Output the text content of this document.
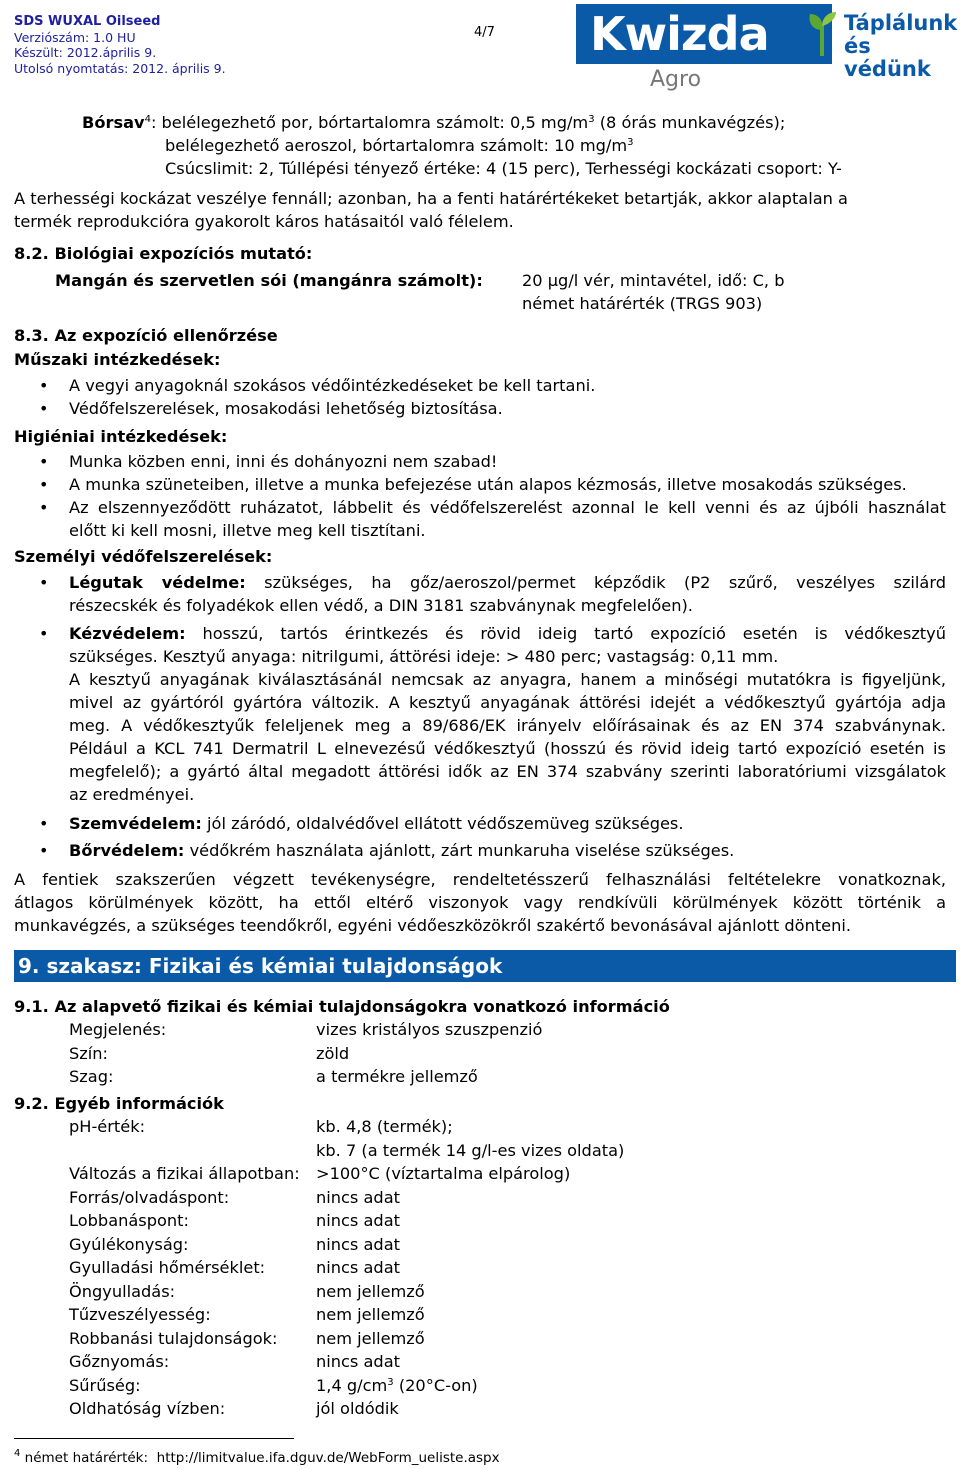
SDS WUXAL Oilseed
Verziószám: 1.0 HU
Készült: 2012.április 9.
Utolsó nyomtatás: 2012. április 9.
4/7 Kwizda
Agro
Táplálunk
és védünk
Bórsav$^4$: belélegezhető por, bórtartalomra számolt: 0,5 $mg/m^3$ (8 órás munkavégzés);
belélegezhető aeroszol, bórtartalomra számolt: 10 $mg/m^3$
Csúcslimit: 2, Túllépési tényező értéke: 4 (15 perc), Terhességi kockázati csoport: Y-
A terhességi kockázat veszélye fennáll; azonban, ha a fenti határértékeket betartják, akkor alaptalan a
termék reprodukcióra gyakorolt káros hatásaitól való félelem.
8.2. Biológiai expozíciós mutató:
Mangán és szervetlen sói (mangánra számolt): 20 µg/l vér, mintavétel, idő: C, b
német határérték (TRGS 903)
8.3. Az expozíció ellenőrzése
Műszaki intézkedések:
• A vegyi anyagoknál szokásos védőintézkedéseket be kell tartani.
• Védőfelszerelések, mosakodási lehetőség biztosítása.
Higiéniai intézkedések:
• Munka közben enni, inni és dohányozni nem szabad!
• A munka szüneteiben, illetve a munka befejezése után alapos kézmosás, illetve mosakodás szükséges.
• Az elszennyeződött ruházatot, lábbelit és védőfelszerelést azonnal le kell venni és az újbóli használat
előtt ki kell mosni, illetve meg kell tisztítani.
Személyi védőfelszerelések:
• Légutak védelme: szükséges, ha gőz/aeroszol/permet képződik (P2 szűrő, veszélyes szilárd
részecskék és folyadékok ellen védő, a DIN 3181 szabványnak megfelelően).
• Kézvédelem: hosszú, tartós érintkezés és rövid ideig tartó expozíció esetén is védőkesztyű
szükséges. Kesztyű anyaga: nitrilgumi, áttörési ideje: > 480 perc; vastagság: 0,11 mm.
A kesztyű anyagának kiválasztásánál nemcsak az anyagra, hanem a minőségi mutatókra is figyeljünk,
mivel az gyártóról gyártóra változik. A kesztyű anyagának áttörési idejét a védőkesztyű gyártója adja
meg. A védőkesztyűk feleljenek meg a 89/686/EK irányelv előírásainak és az EN 374 szabványnak.
Például a KCL 741 Dermatril L elnevezésű védőkesztyű (hosszú és rövid ideig tartó expozíció esetén is
megfelelő); a gyártó által megadott áttörési idők az EN 374 szabvány szerinti laboratóriumi vizsgálatok
az eredményei.
• Szemvédelem: jól záródó, oldalvédővel ellátott védőszemüveg szükséges.
• Bőrvédelem: védőkrém használata ajánlott, zárt munkaruha viselése szükséges.
A fentiek szakszerűen végzett tevékenységre, rendeltetésszerű felhasználási feltételekre vonatkoznak,
átlagos körülmények között, ha ettől eltérő viszonyok vagy rendkívüli körülmények között történik a
munkavégzés, a szükséges teendőkről, egyéni védőeszközökről szakértő bevonásával ajánlott dönteni.
9. szakasz: Fizikai és kémiai tulajdonságok
9.1. Az alapvető fizikai és kémiai tulajdonságokra vonatkozó információ
Megjelenés:	vizes kristályos szuszpenzió
Szín:	zöld
Szag:	a termékre jellemző
9.2. Egyéb információk
pH-érték:	kb. 4,8 (termék);
kb. 7 (a termék 14 g/l-es vizes oldata)
Változás a fizikai állapotban: >100°C (víztartalma elpárolog)
Forrás/olvadáspont:	nincs adat
Lobbanáspont:	nincs adat
Gyúlékonyság:	nincs adat
Gyulladási hőmérséklet:	nincs adat
Öngyulladás:	nem jellemző
Tűzveszélyesség:	nem jellemző
Robbanási tulajdonságok: nem jellemző
Gőznyomás:	nincs adat
Sűrűség:	1,4 $g/cm^3$ (20°C-on)
Oldhatóság vízben:	jól oldódik
$^4$ német határérték: http://limitvalue.ifa.dguv.de/WebForm_ueliste.aspx
